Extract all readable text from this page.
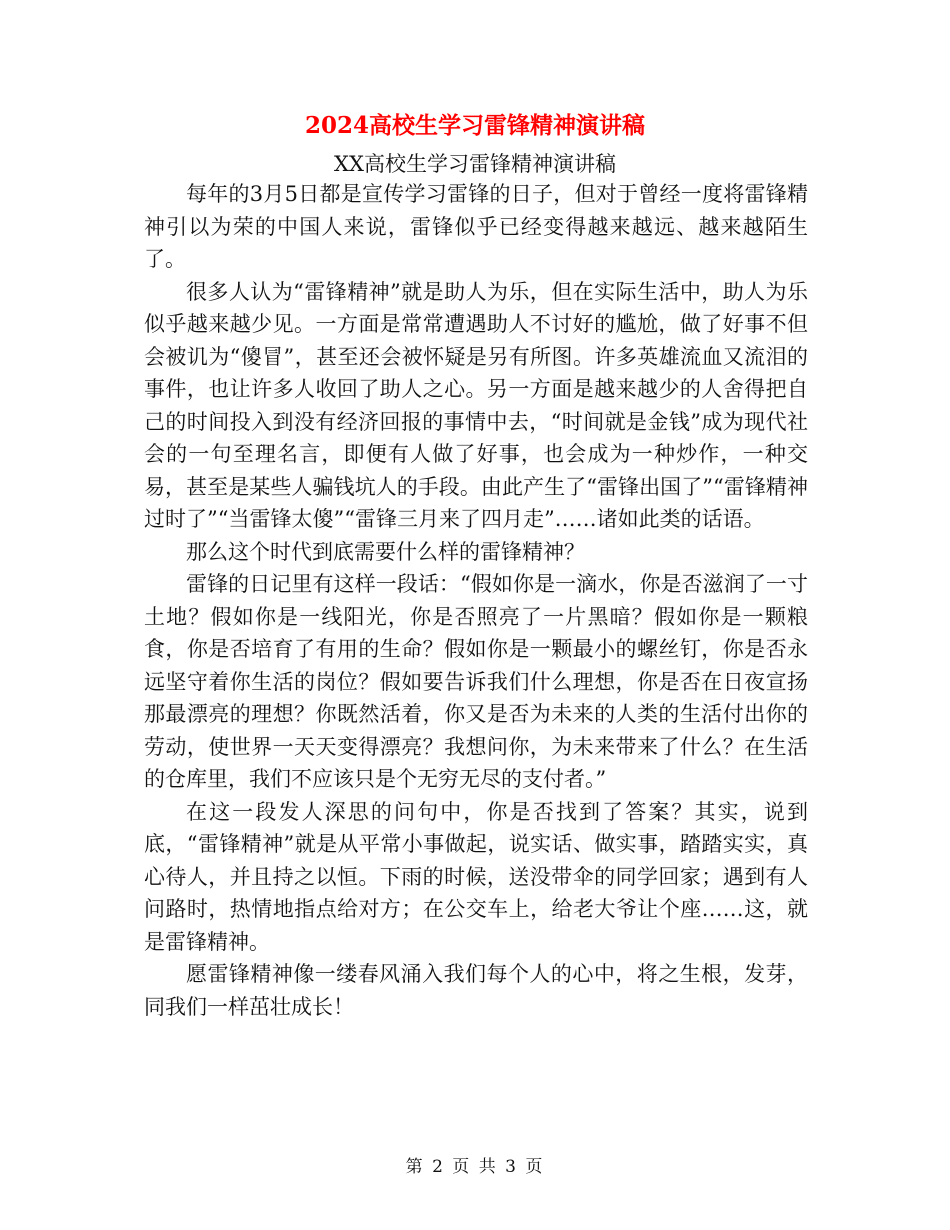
2024高校生学习雷锋精神演讲稿
XX高校生学习雷锋精神演讲稿

每年的3月5日都是宣传学习雷锋的日子，但对于曾经一度将雷锋精神引以为荣的中国人来说，雷锋似乎已经变得越来越远、越来越陌生了。

很多人认为“雷锋精神”就是助人为乐，但在实际生活中，助人为乐似乎越来越少见。一方面是常常遭遇助人不讨好的尴尬，做了好事不但会被讥为“傻冒”，甚至还会被怀疑是另有所图。许多英雄流血又流泪的事件，也让许多人收回了助人之心。另一方面是越来越少的人舍得把自己的时间投入到没有经济回报的事情中去，“时间就是金钱”成为现代社会的一句至理名言，即便有人做了好事，也会成为一种炒作，一种交易，甚至是某些人骗钱坑人的手段。由此产生了“雷锋出国了”“雷锋精神过时了”“当雷锋太傻”“雷锋三月来了四月走”……诸如此类的话语。

那么这个时代到底需要什么样的雷锋精神？

雷锋的日记里有这样一段话：“假如你是一滴水，你是否滋润了一寸土地？假如你是一线阳光，你是否照亮了一片黑暗？假如你是一颗粮食，你是否培育了有用的生命？假如你是一颗最小的螺丝钉，你是否永远坚守着你生活的岗位？假如要告诉我们什么理想，你是否在日夜宣扬那最漂亮的理想？你既然活着，你又是否为未来的人类的生活付出你的劳动，使世界一天天变得漂亮？我想问你，为未来带来了什么？在生活的仓库里，我们不应该只是个无穷无尽的支付者。”

在这一段发人深思的问句中，你是否找到了答案？其实，说到底，“雷锋精神”就是从平常小事做起，说实话、做实事，踏踏实实，真心待人，并且持之以恒。下雨的时候，送没带伞的同学回家；遇到有人问路时，热情地指点给对方；在公交车上，给老大爷让个座……这，就是雷锋精神。

愿雷锋精神像一缕春风涌入我们每个人的心中，将之生根，发芽，同我们一样茁壮成长！

第 2 页 共 3 页
